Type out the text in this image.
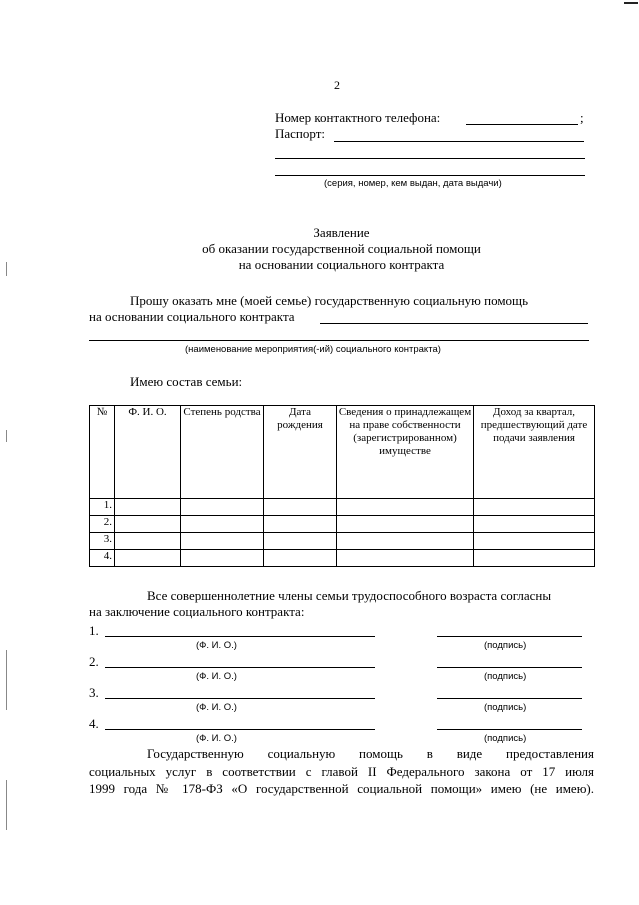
2
Номер контактного телефона:	;
Паспорт:
(серия, номер, кем выдан, дата выдачи)
Заявление
об оказании государственной социальной помощи
на основании социального контракта
Прошу оказать мне (моей семье) государственную социальную помощь
на основании социального контракта
(наименование мероприятия(-ий) социального контракта)
Имею состав семьи:
№	Ф. И. О.	Степень родства	Дата рождения	Сведения о принадлежащем на праве собственности (зарегистрированном) имуществе	Доход за квартал, предшествующий дате подачи заявления
1.					
2.					
3.					
4.					
Все совершеннолетние члены семьи трудоспособного возраста согласны
на заключение социального контракта:
1.
(Ф. И. О.)	(подпись)
2.
(Ф. И. О.)	(подпись)
3.
(Ф. И. О.)	(подпись)
4.
(Ф. И. О.)	(подпись)
Государственную социальную помощь в виде предоставления
социальных услуг в соответствии с главой II Федерального закона от 17 июля
1999 года № 178-ФЗ «О государственной социальной помощи» имею (не имею).
